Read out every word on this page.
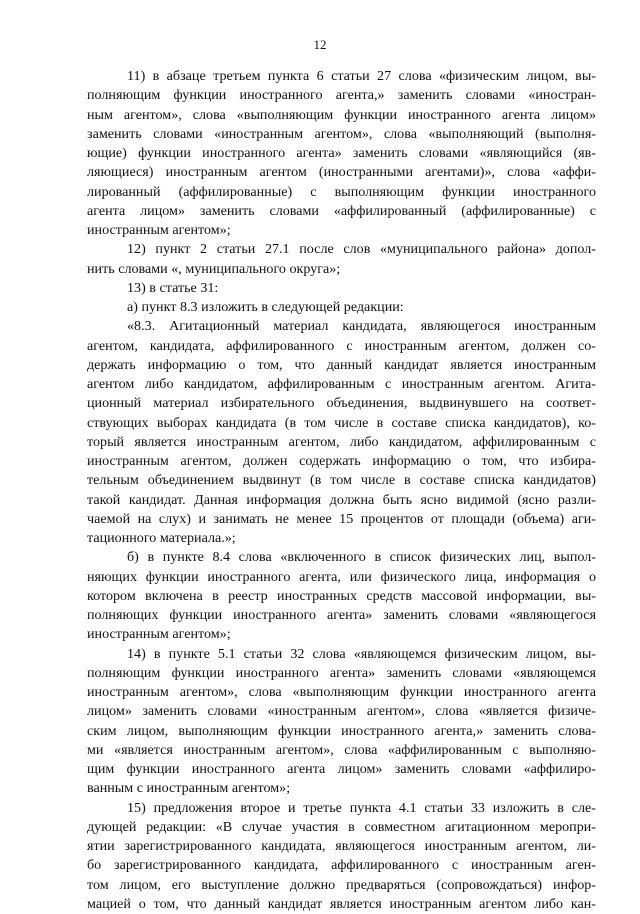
12
11) в абзаце третьем пункта 6 статьи 27 слова «физическим лицом, вы-
полняющим функции иностранного агента,» заменить словами «иностран-
ным агентом», слова «выполняющим функции иностранного агента лицом»
заменить словами «иностранным агентом», слова «выполняющий (выполня-
ющие) функции иностранного агента» заменить словами «являющийся (яв-
ляющиеся) иностранным агентом (иностранными агентами)», слова «аффи-
лированный (аффилированные) с выполняющим функции иностранного
агента лицом» заменить словами «аффилированный (аффилированные) с
иностранным агентом»;
12) пункт 2 статьи 27.1 после слов «муниципального района» допол-
нить словами «, муниципального округа»;
13) в статье 31:
а) пункт 8.3 изложить в следующей редакции:
«8.3. Агитационный материал кандидата, являющегося иностранным
агентом, кандидата, аффилированного с иностранным агентом, должен со-
держать информацию о том, что данный кандидат является иностранным
агентом либо кандидатом, аффилированным с иностранным агентом. Агита-
ционный материал избирательного объединения, выдвинувшего на соответ-
ствующих выборах кандидата (в том числе в составе списка кандидатов), ко-
торый является иностранным агентом, либо кандидатом, аффилированным с
иностранным агентом, должен содержать информацию о том, что избира-
тельным объединением выдвинут (в том числе в составе списка кандидатов)
такой кандидат. Данная информация должна быть ясно видимой (ясно разли-
чаемой на слух) и занимать не менее 15 процентов от площади (объема) аги-
тационного материала.»;
б) в пункте 8.4 слова «включенного в список физических лиц, выпол-
няющих функции иностранного агента, или физического лица, информация о
котором включена в реестр иностранных средств массовой информации, вы-
полняющих функции иностранного агента» заменить словами «являющегося
иностранным агентом»;
14) в пункте 5.1 статьи 32 слова «являющемся физическим лицом, вы-
полняющим функции иностранного агента» заменить словами «являющемся
иностранным агентом», слова «выполняющим функции иностранного агента
лицом» заменить словами «иностранным агентом», слова «является физиче-
ским лицом, выполняющим функции иностранного агента,» заменить слова-
ми «является иностранным агентом», слова «аффилированным с выполняю-
щим функции иностранного агента лицом» заменить словами «аффилиро-
ванным с иностранным агентом»;
15) предложения второе и третье пункта 4.1 статьи 33 изложить в сле-
дующей редакции: «В случае участия в совместном агитационном меропри-
ятии зарегистрированного кандидата, являющегося иностранным агентом, ли-
бо зарегистрированного кандидата, аффилированного с иностранным аген-
том лицом, его выступление должно предваряться (сопровождаться) инфор-
мацией о том, что данный кандидат является иностранным агентом либо кан-
